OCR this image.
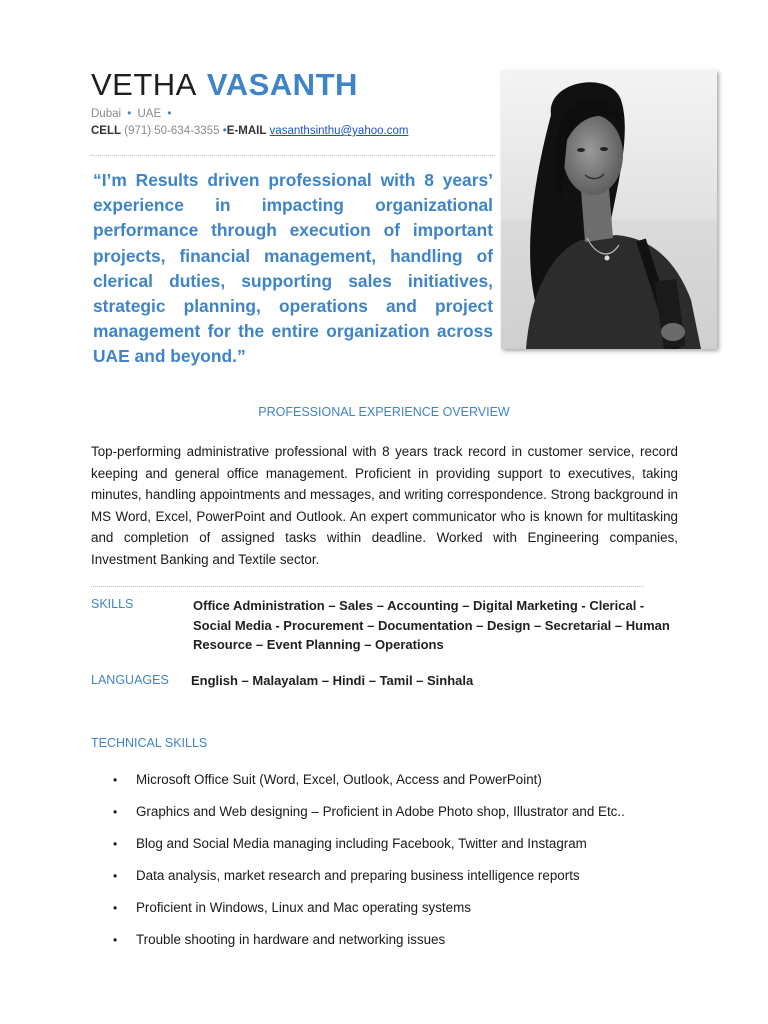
VETHA VASANTH
Dubai • UAE •
CELL (971) 50-634-3355 •E-MAIL vasanthsinthu@yahoo.com
“I’m Results driven professional with 8 years’ experience in impacting organizational performance through execution of important projects, financial management, handling of clerical duties, supporting sales initiatives, strategic planning, operations and project management for the entire organization across UAE and beyond.”
PROFESSIONAL EXPERIENCE OVERVIEW
Top-performing administrative professional with 8 years track record in customer service, record keeping and general office management. Proficient in providing support to executives, taking minutes, handling appointments and messages, and writing correspondence. Strong background in MS Word, Excel, PowerPoint and Outlook. An expert communicator who is known for multitasking and completion of assigned tasks within deadline. Worked with Engineering companies, Investment Banking and Textile sector.
SKILLS	Office Administration – Sales – Accounting – Digital Marketing - Clerical - Social Media - Procurement – Documentation – Design – Secretarial – Human Resource – Event Planning – Operations
LANGUAGES English – Malayalam – Hindi – Tamil – Sinhala
TECHNICAL SKILLS
• Microsoft Office Suit (Word, Excel, Outlook, Access and PowerPoint)
• Graphics and Web designing – Proficient in Adobe Photo shop, Illustrator and Etc..
• Blog and Social Media managing including Facebook, Twitter and Instagram
• Data analysis, market research and preparing business intelligence reports
• Proficient in Windows, Linux and Mac operating systems
• Trouble shooting in hardware and networking issues
